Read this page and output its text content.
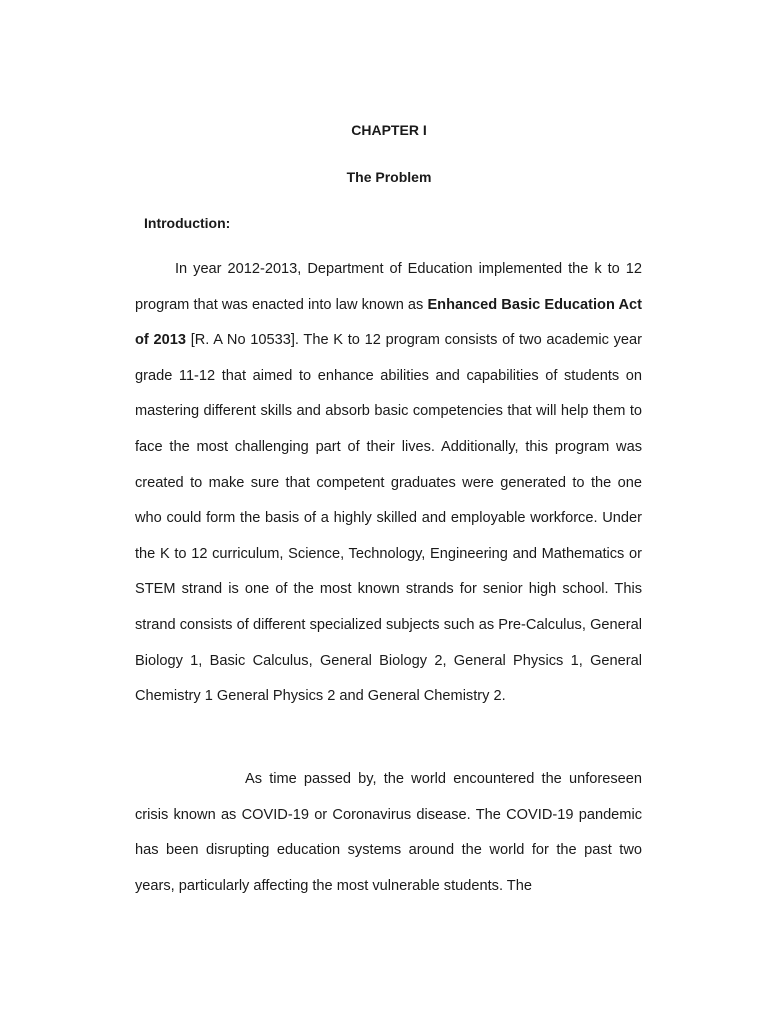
CHAPTER I
The Problem
Introduction:
In year 2012-2013, Department of Education implemented the k to 12 program that was enacted into law known as Enhanced Basic Education Act of 2013 [R. A No 10533]. The K to 12 program consists of two academic year grade 11-12 that aimed to enhance abilities and capabilities of students on mastering different skills and absorb basic competencies that will help them to face the most challenging part of their lives. Additionally, this program was created to make sure that competent graduates were generated to the one who could form the basis of a highly skilled and employable workforce. Under the K to 12 curriculum, Science, Technology, Engineering and Mathematics or STEM strand is one of the most known strands for senior high school. This strand consists of different specialized subjects such as Pre-Calculus, General Biology 1, Basic Calculus, General Biology 2, General Physics 1, General Chemistry 1 General Physics 2 and General Chemistry 2.
As time passed by, the world encountered the unforeseen crisis known as COVID-19 or Coronavirus disease. The COVID-19 pandemic has been disrupting education systems around the world for the past two years, particularly affecting the most vulnerable students. The
